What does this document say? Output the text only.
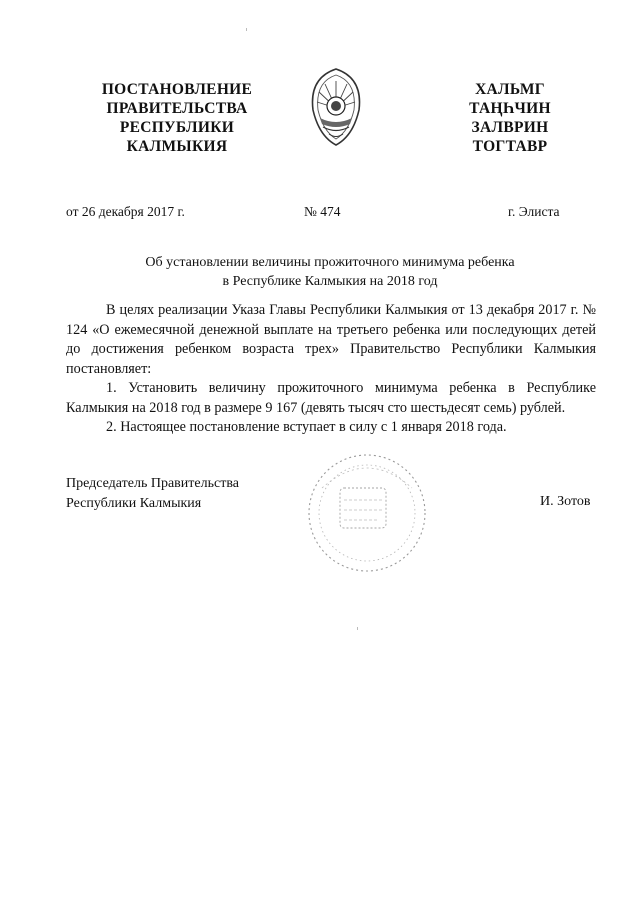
ПОСТАНОВЛЕНИЕ
ПРАВИТЕЛЬСТВА
РЕСПУБЛИКИ
КАЛМЫКИЯ
ХАЛЬМГ
ТАҢҺЧИН
ЗАЛВРИН
ТОГТАВР
от 26 декабря 2017 г.	№ 474	г. Элиста
Об установлении величины прожиточного минимума ребенка
в Республике Калмыкия на 2018 год

В целях реализации Указа Главы Республики Калмыкия от 13 декабря 2017 г. № 124 «О ежемесячной денежной выплате на третьего ребенка или последующих детей до достижения ребенком возраста трех» Правительство Республики Калмыкия постановляет:

1. Установить величину прожиточного минимума ребенка в Республике Калмыкия на 2018 год в размере 9 167 (девять тысяч сто шестьдесят семь) рублей.

2. Настоящее постановление вступает в силу с 1 января 2018 года.

Председатель Правительства
Республики Калмыкия	И. Зотов
